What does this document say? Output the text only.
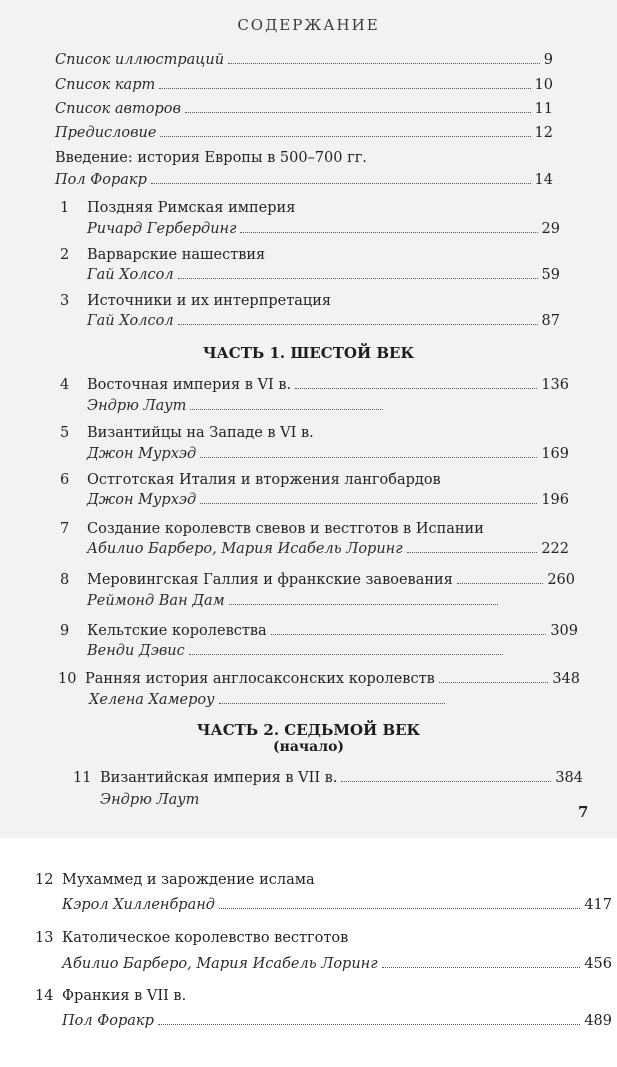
СОДЕРЖАНИЕ
Список иллюстраций	9
Список карт	10
Список авторов	11
Предисловие	12
Введение: история Европы в 500–700 гг.
Пол Форакр	14
1	Поздняя Римская империя
Ричард Гербердинг	29
2	Варварские нашествия
Гай Холсол	59
3	Источники и их интерпретация
Гай Холсол	87
ЧАСТЬ 1. ШЕСТОЙ ВЕК
4	Восточная империя в VI в.	136
Эндрю Лаут
5	Византийцы на Западе в VI в.
Джон Мурхэд	169
6	Остготская Италия и вторжения лангобардов
Джон Мурхэд	196
7	Создание королевств свевов и вестготов в Испании
Абилио Барберо, Мария Исабель Лоринг	222
8	Меровингская Галлия и франкские завоевания	260
Реймонд Ван Дам
9	Кельтские королевства	309
Венди Дэвис
10 Ранняя история англосаксонских королевств	348
Хелена Хамероу
ЧАСТЬ 2. СЕДЬМОЙ ВЕК
(начало)
11 Византийская империя в VII в.	384
Эндрю Лаут
7
12 Мухаммед и зарождение ислама
Кэрол Хилленбранд	417
13 Католическое королевство вестготов
Абилио Барберо, Мария Исабель Лоринг	456
14 Франкия в VII в.
Пол Форакр	489
